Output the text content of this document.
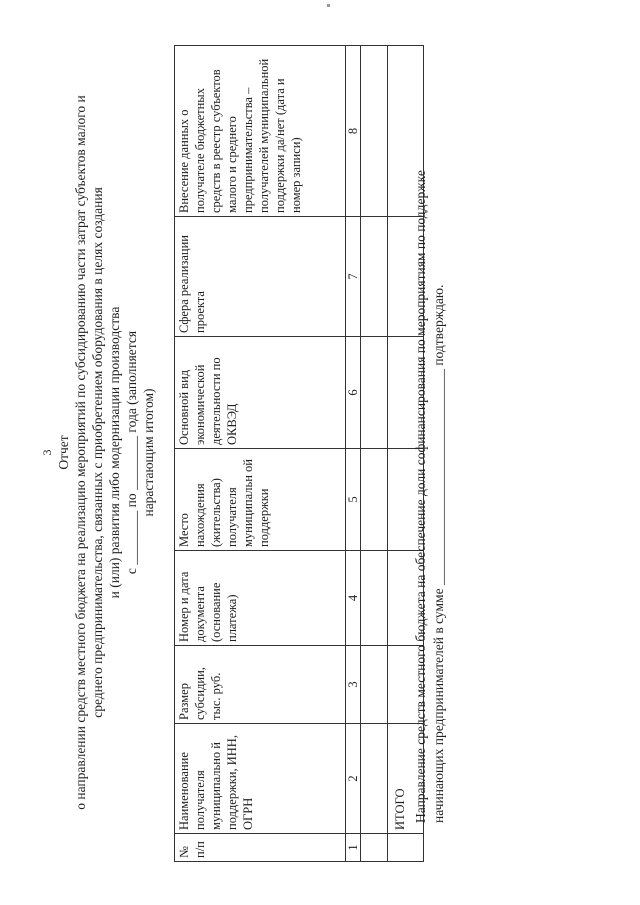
3 Отчет о направлении средств местного бюджета на реализацию мероприятий по субсидированию части затрат субъектов малого и среднего предпринимательства, связанных с приобретением оборудования в целях создания и (или) развития либо модернизации производства с ________ по ________ года (заполняется нарастающим итогом)
№ п/п	Наименование получателя муниципально й поддержки, ИНН, ОГРН	Размер субсидии, тыс. руб.	Номер и дата документа (основание платежа)	Место нахождения (жительства) получателя муниципальн ой поддержки	Основной вид экономической деятельности по ОКВЭД	Сфера реализации проекта	Внесение данных о получателе бюджетных средств в реестр субъектов малого и среднего предпринимательства – получателей муниципальной поддержки да/нет (дата и номер записи)
1	2	3	4	5	6	7	8

	ИТОГО						Направление средств местного бюджета на обеспечение доли софинансирования по мероприятиям по поддержке начинающих предпринимателей в сумме ________________________________ подтверждаю.
